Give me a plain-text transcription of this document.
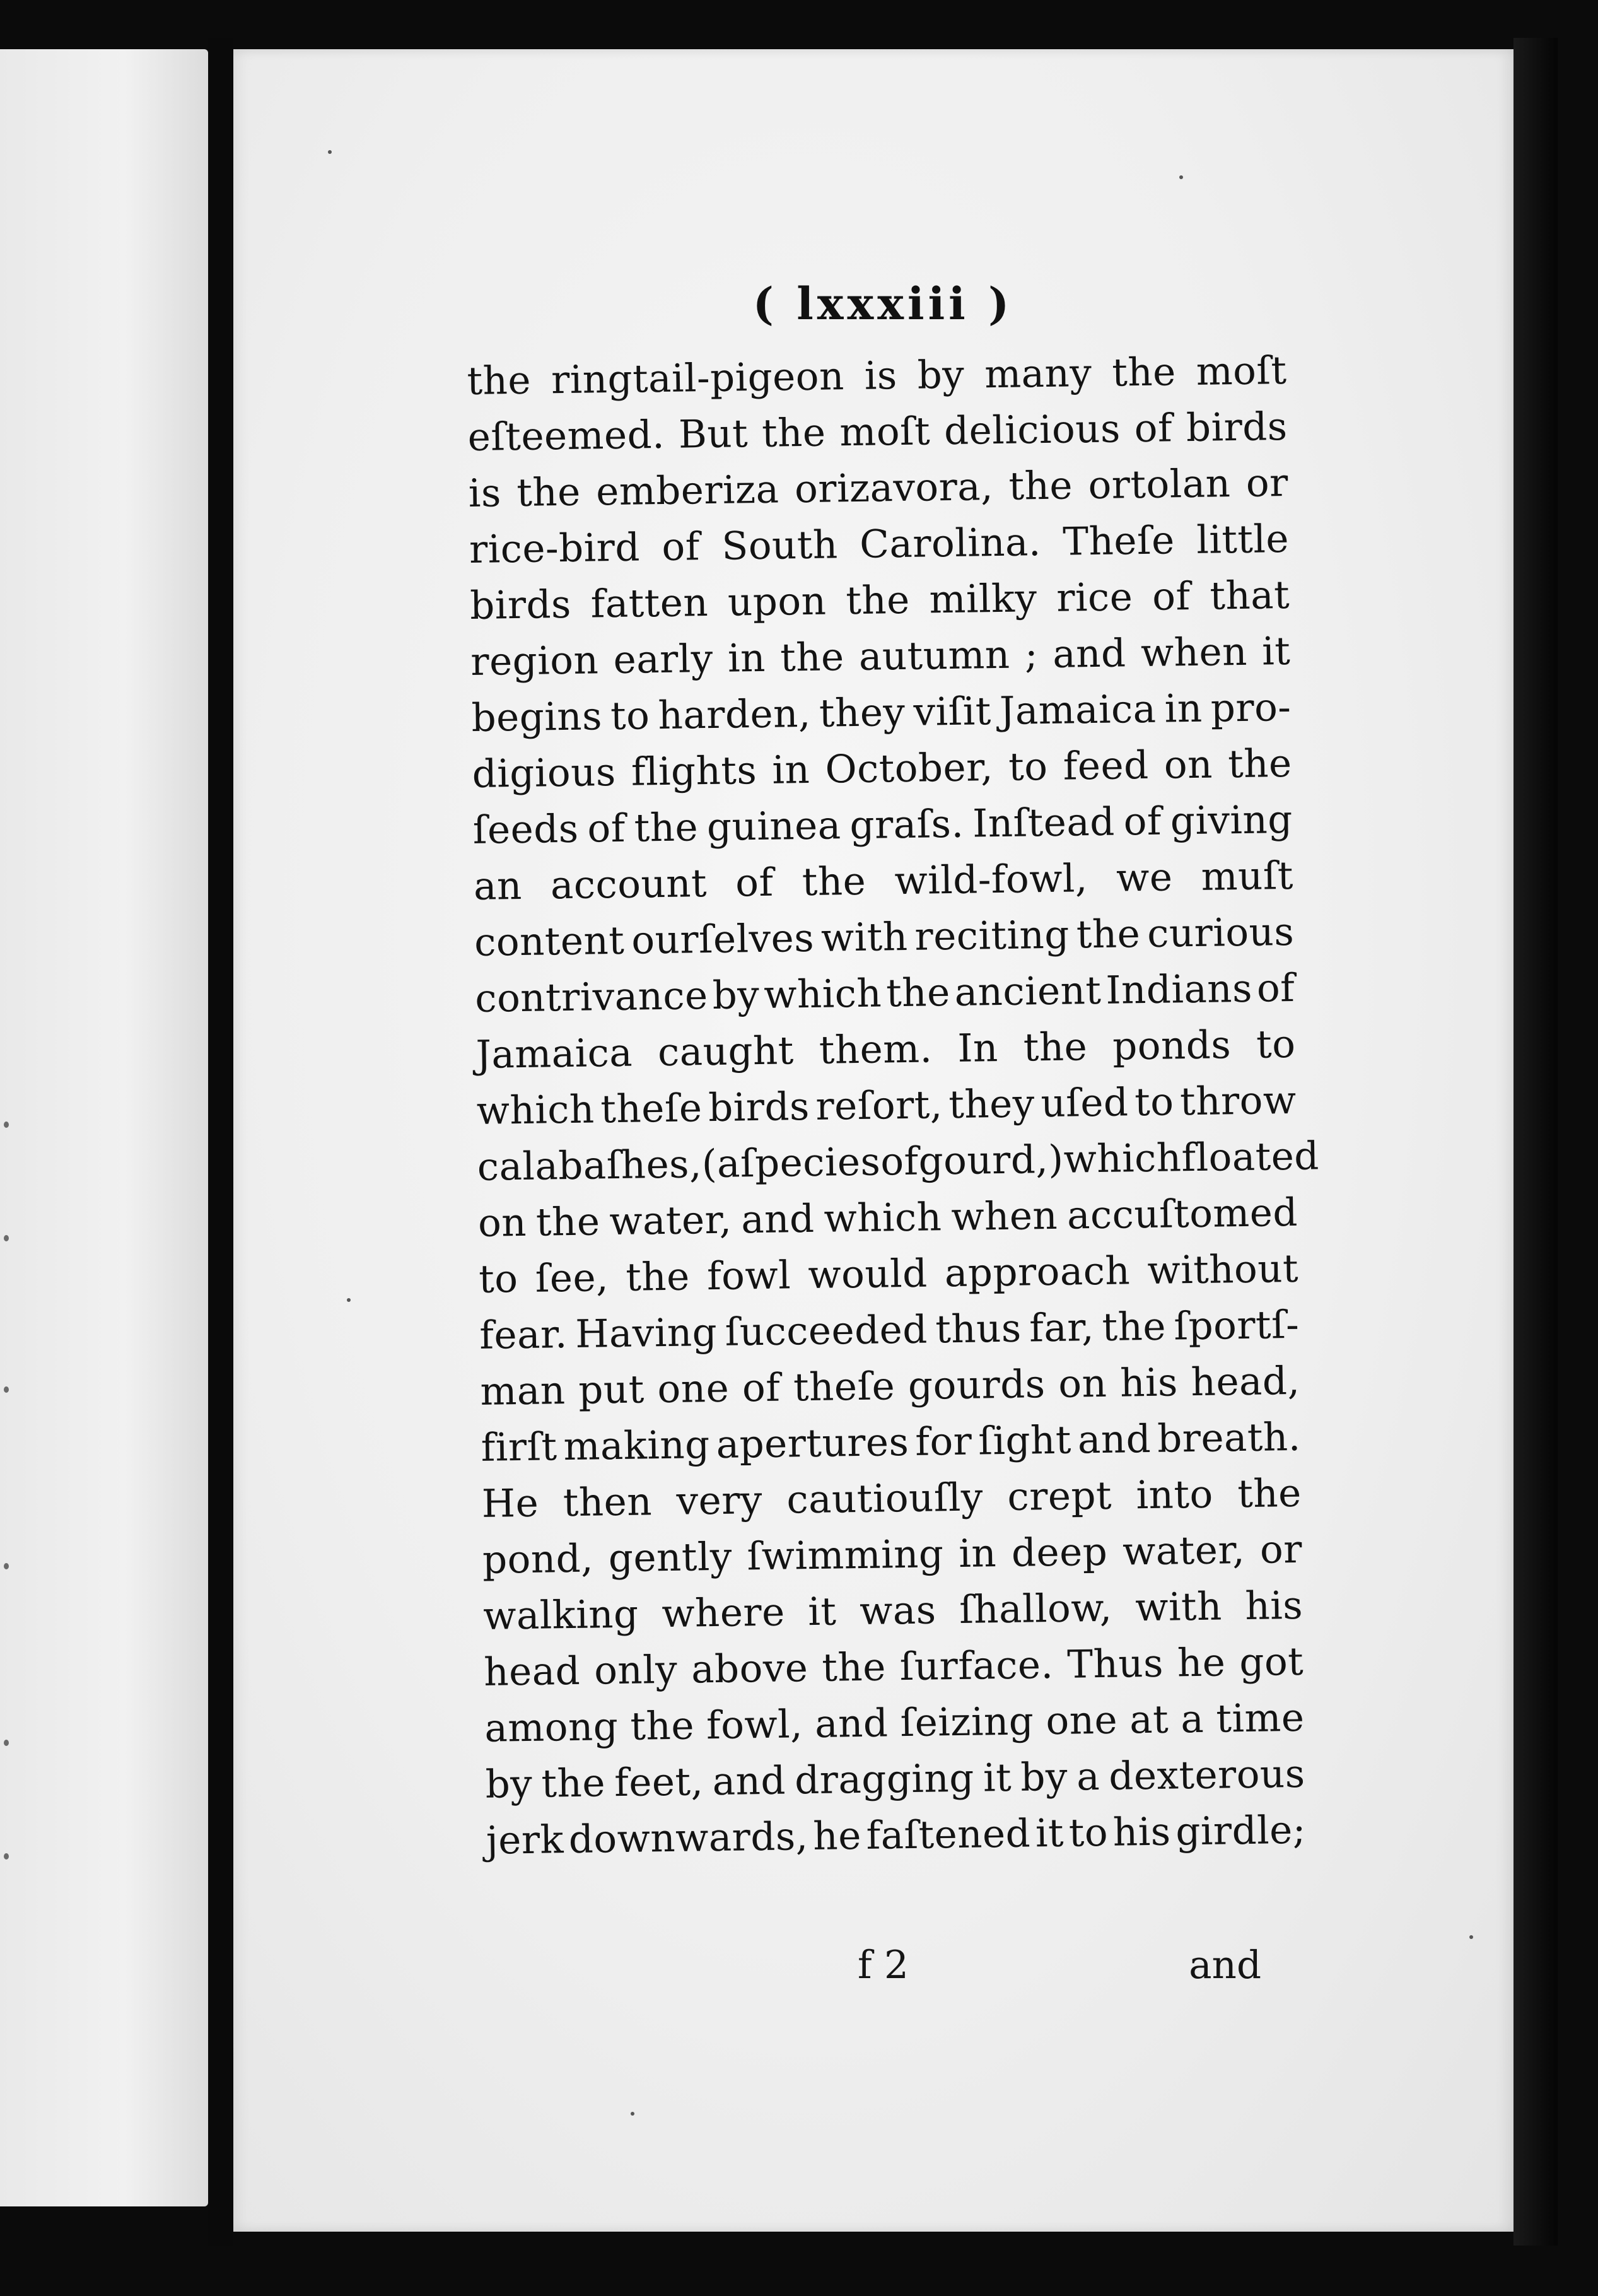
( lxxxiii )
the ringtail-pigeon is by many the moſt
eſteemed. But the moſt delicious of birds
is the emberiza orizavora, the ortolan or
rice-bird of South Carolina. Theſe little
birds fatten upon the milky rice of that
region early in the autumn ; and when it
begins to harden, they viſit Jamaica in pro-
digious flights in October, to feed on the
ſeeds of the guinea graſs. Inſtead of giving
an account of the wild-fowl, we muſt
content ourſelves with reciting the curious
contrivance by which the ancient Indians of
Jamaica caught them. In the ponds to
which theſe birds reſort, they uſed to throw
calabaſhes, (a ſpecies of gourd,) which floated
on the water, and which when accuſtomed
to ſee, the fowl would approach without
fear. Having ſucceeded thus far, the ſportſ-
man put one of theſe gourds on his head,
firſt making apertures for ſight and breath.
He then very cautiouſly crept into the
pond, gently ſwimming in deep water, or
walking where it was ſhallow, with his
head only above the ſurface. Thus he got
among the fowl, and ſeizing one at a time
by the feet, and dragging it by a dexterous
jerk downwards, he faſtened it to his girdle;
f 2	and
